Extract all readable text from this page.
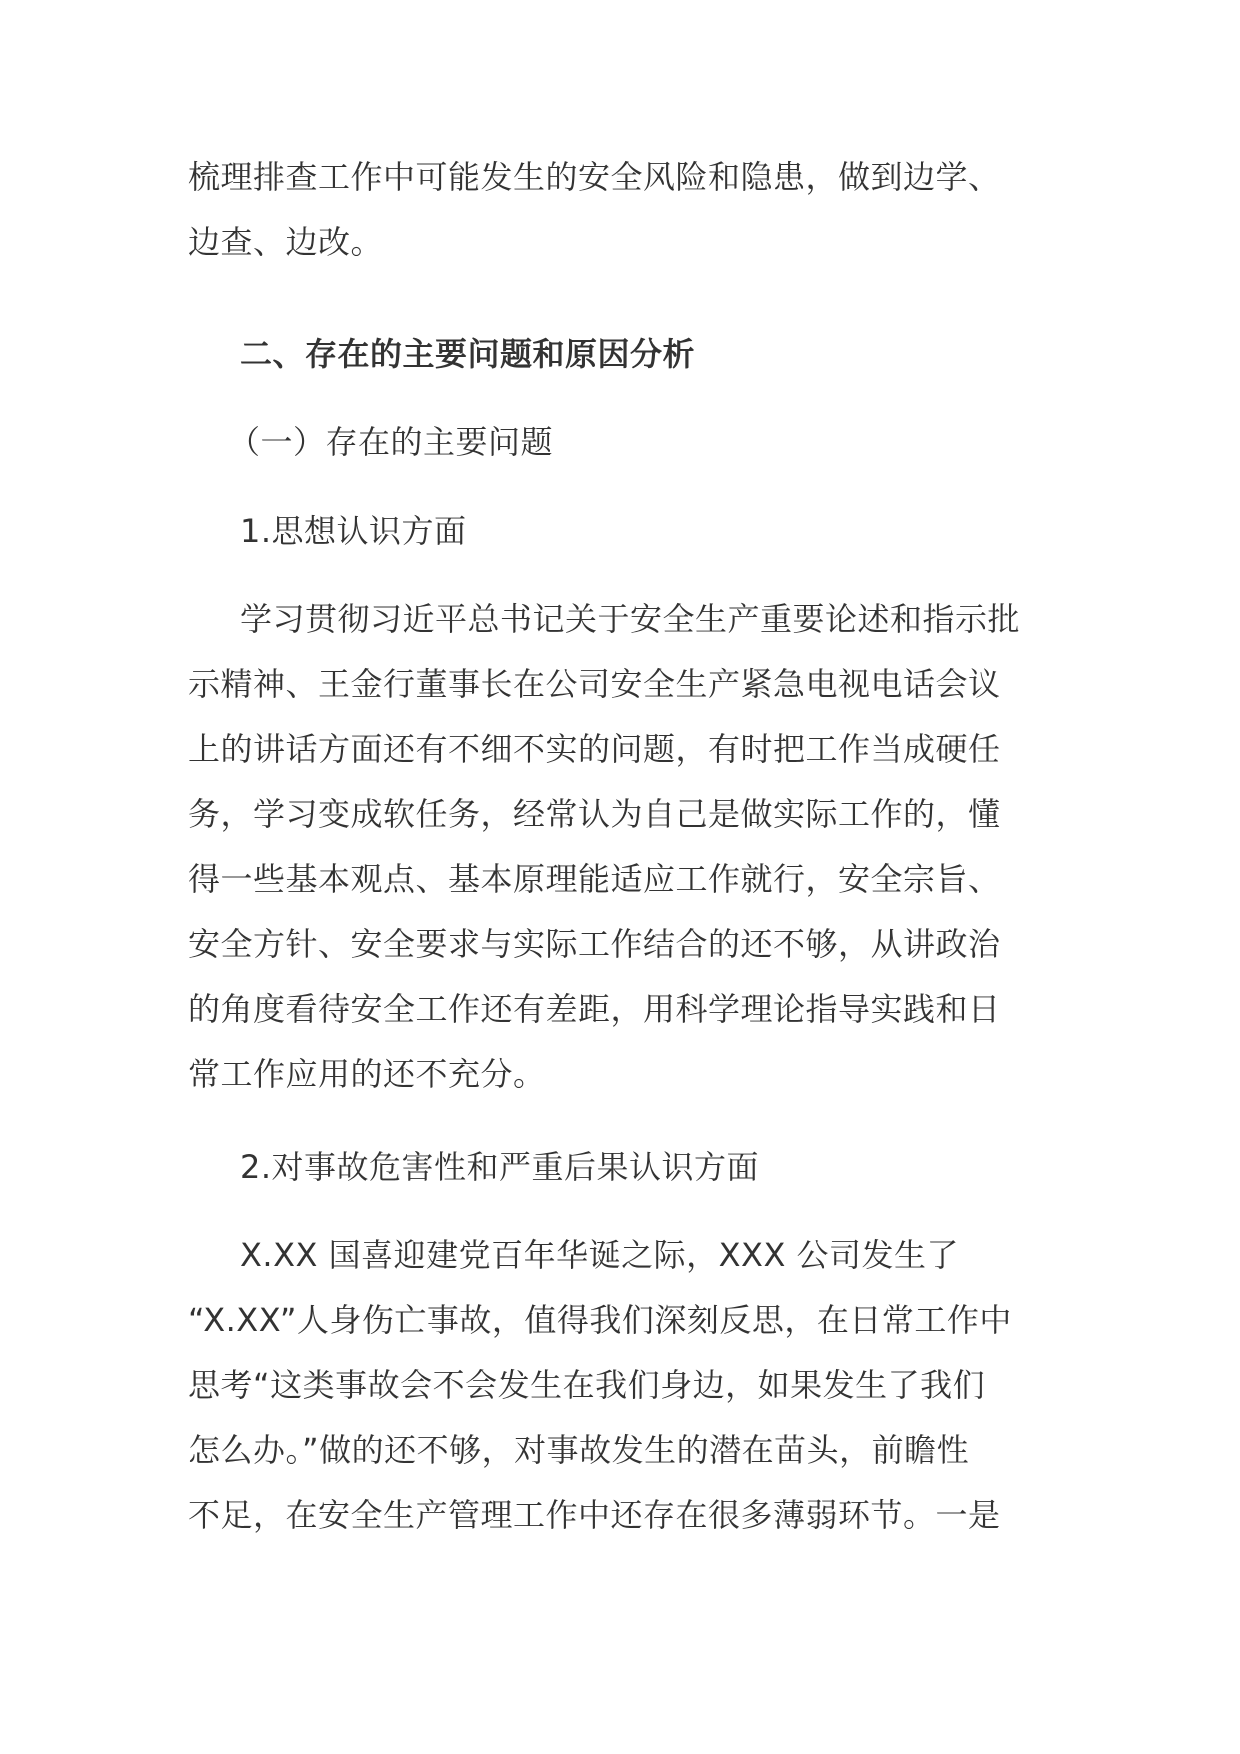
梳理排查工作中可能发生的安全风险和隐患，做到边学、
边查、边改。
二、存在的主要问题和原因分析
（一）存在的主要问题
1.思想认识方面
学习贯彻习近平总书记关于安全生产重要论述和指示批
示精神、王金行董事长在公司安全生产紧急电视电话会议
上的讲话方面还有不细不实的问题，有时把工作当成硬任
务，学习变成软任务，经常认为自己是做实际工作的，懂
得一些基本观点、基本原理能适应工作就行，安全宗旨、
安全方针、安全要求与实际工作结合的还不够，从讲政治
的角度看待安全工作还有差距，用科学理论指导实践和日
常工作应用的还不充分。
2.对事故危害性和严重后果认识方面
X.XX 国喜迎建党百年华诞之际，XXX 公司发生了
“X.XX”人身伤亡事故，值得我们深刻反思，在日常工作中
思考“这类事故会不会发生在我们身边，如果发生了我们
怎么办。”做的还不够，对事故发生的潜在苗头，前瞻性
不足，在安全生产管理工作中还存在很多薄弱环节。一是
